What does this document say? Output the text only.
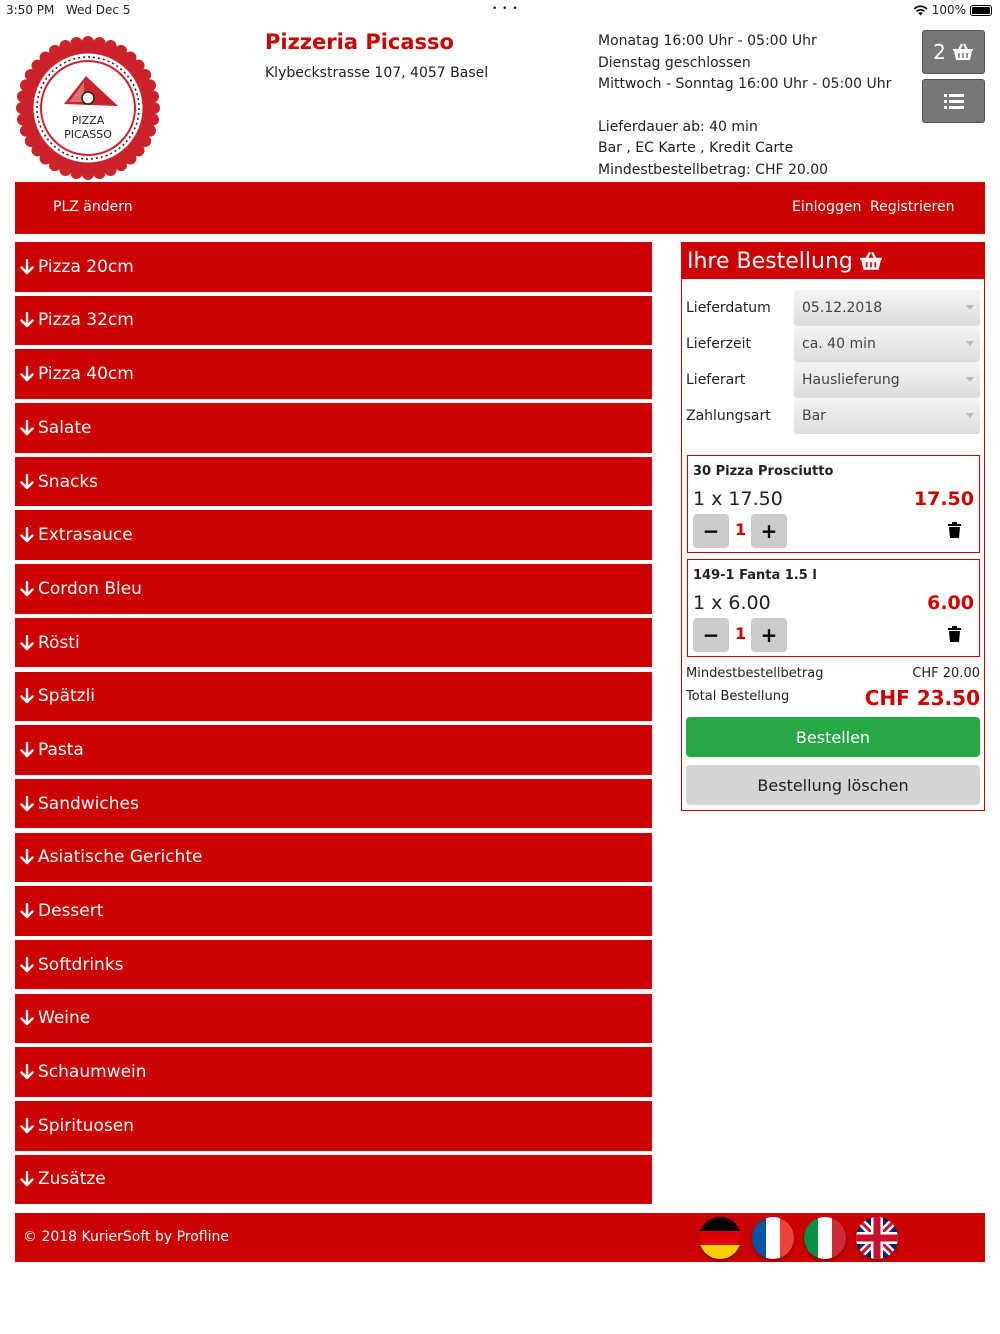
3:50 PM Wed Dec 5	• • •	100%
PIZZA
PICASSO
Pizzeria Picasso
Klybeckstrasse 107, 4057 Basel
Monatag 16:00 Uhr - 05:00 Uhr
Dienstag geschlossen
Mittwoch - Sonntag 16:00 Uhr - 05:00 Uhr
Lieferdauer ab: 40 min
Bar , EC Karte , Kredit Carte
Mindestbestellbetrag: CHF 20.00
2
PLZ ändern	Einloggen Registrieren
Pizza 20cm
Pizza 32cm
Pizza 40cm
Salate
Snacks
Extrasauce
Cordon Bleu
Rösti
Spätzli
Pasta
Sandwiches
Asiatische Gerichte
Dessert
Softdrinks
Weine
Schaumwein
Spirituosen
Zusätze
Ihre Bestellung
Lieferdatum	05.12.2018
Lieferzeit	ca. 40 min
Lieferart	Hauslieferung
Zahlungsart	Bar
30 Pizza Prosciutto
1 x 17.50	17.50
− 1 +
149-1 Fanta 1.5 l
1 x 6.00	6.00
− 1 +
Mindestbestellbetrag	CHF 20.00
Total Bestellung	CHF 23.50
Bestellen
Bestellung löschen
© 2018 KurierSoft by Profline
